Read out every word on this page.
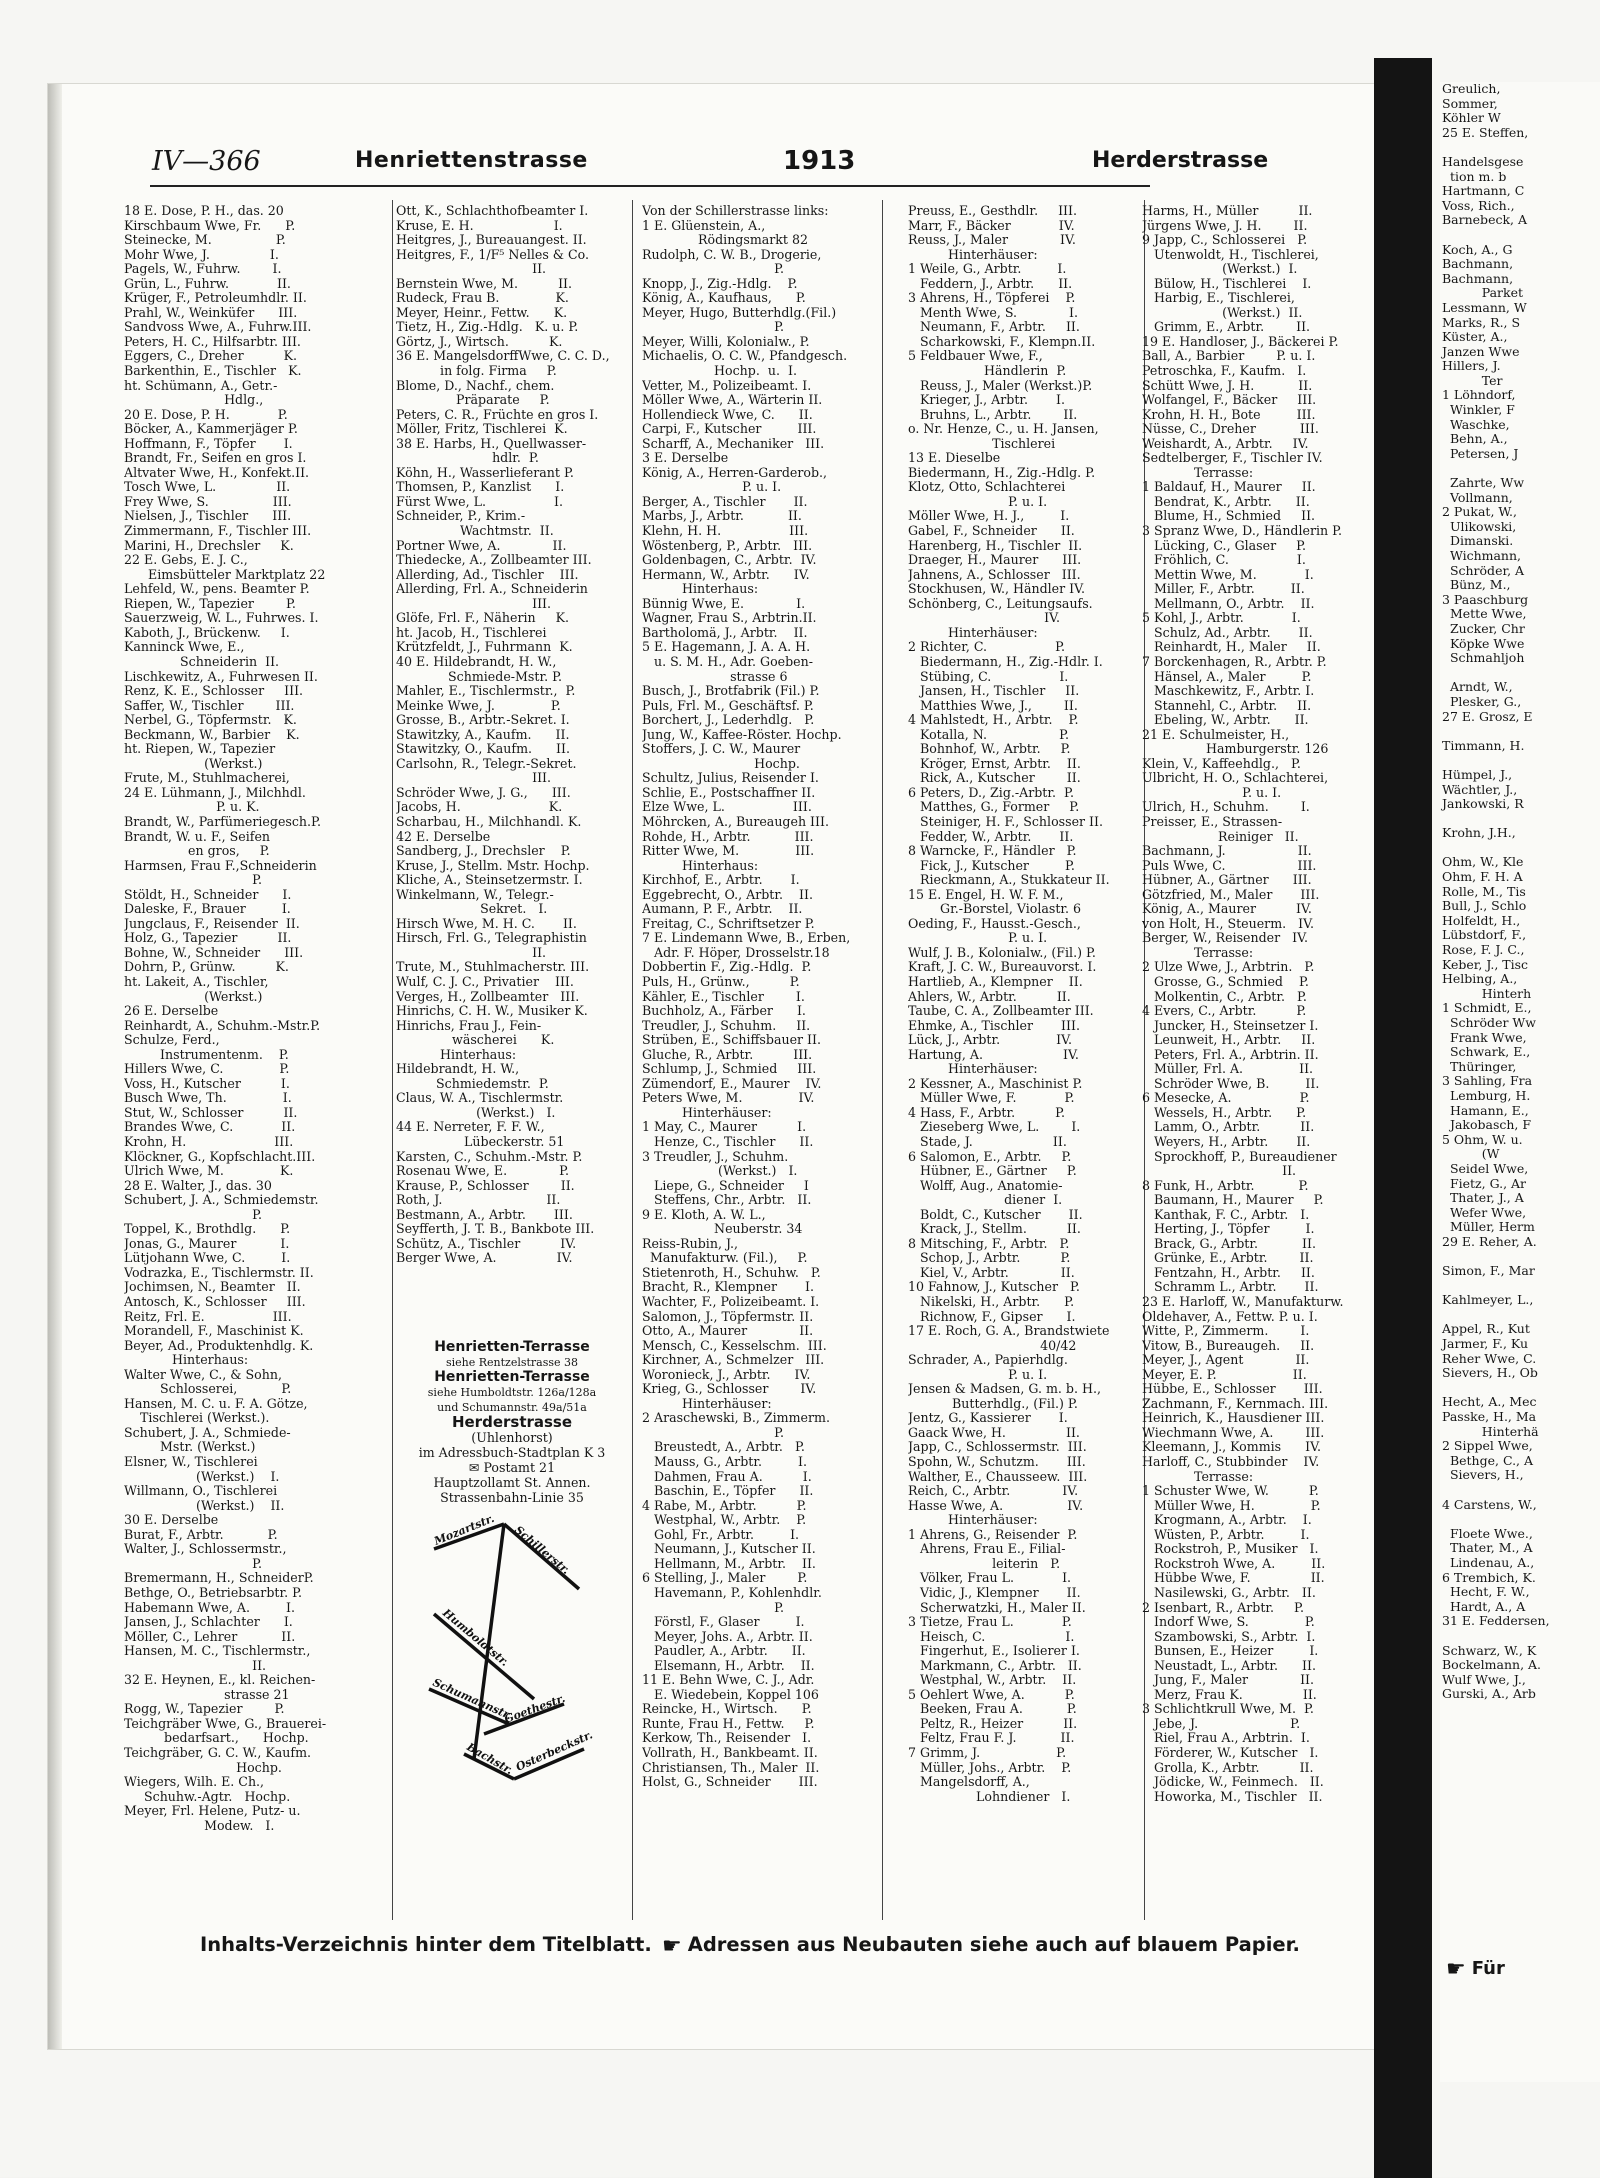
Greulich,
Sommer,
Köhler W
25 E. Steffen,

Handelsgese
tion m. b
Hartmann, C
Voss, Rich.,
Barnebeck, A

Koch, A., G
Bachmann,
Bachmann,
Parket
Lessmann, W
Marks, R., S
Küster, A.,
Janzen Wwe
Hillers, J.
Ter
1 Löhndorf,
Winkler, F
Waschke,
Behn, A.,
Petersen, J

Zahrte, Ww
Vollmann,
2 Pukat, W.,
Ulikowski,
Dimanski.
Wichmann,
Schröder, A
Bünz, M.,
3 Paaschburg
Mette Wwe,
Zucker, Chr
Köpke Wwe
Schmahljoh

Arndt, W.,
Plesker, G.,
27 E. Grosz, E

Timmann, H.

Hümpel, J.,
Wächtler, J.,
Jankowski, R

Krohn, J.H.,

Ohm, W., Kle
Ohm, F. H. A
Rolle, M., Tis
Bull, J., Schlo
Holfeldt, H.,
Lübstdorf, F.,
Rose, F. J. C.,
Keber, J., Tisc
Helbing, A.,
Hinterh
1 Schmidt, E.,
Schröder Ww
Frank Wwe,
Schwark, E.,
Thüringer,
3 Sahling, Fra
Lemburg, H.
Hamann, E.,
Jakobasch, F
5 Ohm, W. u.
(W
Seidel Wwe,
Fietz, G., Ar
Thater, J., A
Wefer Wwe,
Müller, Herm
29 E. Reher, A.

Simon, F., Mar

Kahlmeyer, L.,

Appel, R., Kut
Jarmer, F., Ku
Reher Wwe, C.
Sievers, H., Ob

Hecht, A., Mec
Passke, H., Ma
Hinterhä
2 Sippel Wwe,
Bethge, C., A
Sievers, H.,

4 Carstens, W.,

Floete Wwe.,
Thater, M., A
Lindenau, A.,
6 Trembich, K.
Hecht, F. W.,
Hardt, A., A
31 E. Feddersen,

Schwarz, W., K
Bockelmann, A.
Wulf Wwe, J.,
Gurski, A., Arb
☛ Für
IV—366	Henriettenstrasse	1913	Herderstrasse
18 E. Dose, P. H., das. 20
Kirschbaum Wwe, Fr.      P.
Steinecke, M.                P.
Mohr Wwe, J.               I.
Pagels, W., Fuhrw.        I.
Grün, L., Fuhrw.            II.
Krüger, F., Petroleumhdlr. II.
Prahl, W., Weinküfer      III.
Sandvoss Wwe, A., Fuhrw.III.
Peters, H. C., Hilfsarbtr. III.
Eggers, C., Dreher          K.
Barkenthin, E., Tischler   K.
ht. Schümann, A., Getr.-
Hdlg.,
20 E. Dose, P. H.            P.
Böcker, A., Kammerjäger P.
Hoffmann, F., Töpfer       I.
Brandt, Fr., Seifen en gros I.
Altvater Wwe, H., Konfekt.II.
Tosch Wwe, L.               II.
Frey Wwe, S.                III.
Nielsen, J., Tischler      III.
Zimmermann, F., Tischler III.
Marini, H., Drechsler     K.
22 E. Gebs, E. J. C.,
Eimsbütteler Marktplatz 22
Lehfeld, W., pens. Beamter P.
Riepen, W., Tapezier        P.
Sauerzweig, W. L., Fuhrwes. I.
Kaboth, J., Brückenw.     I.
Kanninck Wwe, E.,
Schneiderin  II.
Lischkewitz, A., Fuhrwesen II.
Renz, K. E., Schlosser     III.
Saffer, W., Tischler        III.
Nerbel, G., Töpfermstr.   K.
Beckmann, W., Barbier    K.
ht. Riepen, W., Tapezier
(Werkst.)
Frute, M., Stuhlmacherei,
24 E. Lühmann, J., Milchhdl.
P. u. K.
Brandt, W., Parfümeriegesch.P.
Brandt, W. u. F., Seifen
en gros,     P.
Harmsen, Frau F.,Schneiderin
P.
Stöldt, H., Schneider      I.
Daleske, F., Brauer         I.
Jungclaus, F., Reisender  II.
Holz, G., Tapezier          II.
Bohne, W., Schneider      III.
Dohrn, P., Grünw.          K.
ht. Lakeit, A., Tischler,
(Werkst.)
26 E. Derselbe
Reinhardt, A., Schuhm.-Mstr.P.
Schulze, Ferd.,
Instrumentenm.    P.
Hillers Wwe, C.              P.
Voss, H., Kutscher          I.
Busch Wwe, Th.              I.
Stut, W., Schlosser          II.
Brandes Wwe, C.            II.
Krohn, H.                      III.
Klöckner, G., Kopfschlacht.III.
Ulrich Wwe, M.              K.
28 E. Walter, J., das. 30
Schubert, J. A., Schmiedemstr.
P.
Toppel, K., Brothdlg.      P.
Jonas, G., Maurer           I.
Lütjohann Wwe, C.         I.
Vodrazka, E., Tischlermstr. II.
Jochimsen, N., Beamter   II.
Antosch, K., Schlosser     III.
Reitz, Frl. E.                 III.
Morandell, F., Maschinist K.
Beyer, Ad., Produktenhdlg. K.
Hinterhaus:
Walter Wwe, C., & Sohn,
Schlosserei,           P.
Hansen, M. C. u. F. A. Götze,
Tischlerei (Werkst.).
Schubert, J. A., Schmiede-
Mstr. (Werkst.)
Elsner, W., Tischlerei
(Werkst.)    I.
Willmann, O., Tischlerei
(Werkst.)    II.
30 E. Derselbe
Burat, F., Arbtr.           P.
Walter, J., Schlossermstr.,
P.
Bremermann, H., SchneiderP.
Bethge, O., Betriebsarbtr. P.
Habemann Wwe, A.         I.
Jansen, J., Schlachter      I.
Möller, C., Lehrer           II.
Hansen, M. C., Tischlermstr.,
II.
32 E. Heynen, E., kl. Reichen-
strasse 21
Rogg, W., Tapezier        P.
Teichgräber Wwe, G., Brauerei-
bedarfsart.,      Hochp.
Teichgräber, G. C. W., Kaufm.
Hochp.
Wiegers, Wilh. E. Ch.,
Schuhw.-Agtr.   Hochp.
Meyer, Frl. Helene, Putz- u.
Modew.   I.
Ott, K., Schlachthofbeamter I.
Kruse, E. H.                    I.
Heitgres, J., Bureauangest. II.
Heitgres, F., 1/F⁵ Nelles & Co.
II.
Bernstein Wwe, M.          II.
Rudeck, Frau B.              K.
Meyer, Heinr., Fettw.      K.
Tietz, H., Zig.-Hdlg.   K. u. P.
Görtz, J., Wirtsch.          K.
36 E. MangelsdorffWwe, C. C. D.,
in folg. Firma     P.
Blome, D., Nachf., chem.
Präparate     P.
Peters, C. R., Früchte en gros I.
Möller, Fritz, Tischlerei  K.
38 E. Harbs, H., Quellwasser-
hdlr.  P.
Köhn, H., Wasserlieferant P.
Thomsen, P., Kanzlist      I.
Fürst Wwe, L.                 I.
Schneider, P., Krim.-
Wachtmstr.  II.
Portner Wwe, A.             II.
Thiedecke, A., Zollbeamter III.
Allerding, Ad., Tischler    III.
Allerding, Frl. A., Schneiderin
III.
Glöfe, Frl. F., Näherin     K.
ht. Jacob, H., Tischlerei
Krützfeldt, J., Fuhrmann  K.
40 E. Hildebrandt, H. W.,
Schmiede-Mstr. P.
Mahler, E., Tischlermstr.,  P.
Meinke Wwe, J.              P.
Grosse, B., Arbtr.-Sekret. I.
Stawitzky, A., Kaufm.      II.
Stawitzky, O., Kaufm.      II.
Carlsohn, R., Telegr.-Sekret.
III.
Schröder Wwe, J. G.,      III.
Jacobs, H.                      K.
Scharbau, H., Milchhandl. K.
42 E. Derselbe
Sandberg, J., Drechsler    P.
Kruse, J., Stellm. Mstr. Hochp.
Kliche, A., Steinsetzermstr. I.
Winkelmann, W., Telegr.-
Sekret.   I.
Hirsch Wwe, M. H. C.       II.
Hirsch, Frl. G., Telegraphistin
II.
Trute, M., Stuhlmacherstr. III.
Wulf, C. J. C., Privatier    III.
Verges, H., Zollbeamter   III.
Hinrichs, C. H. W., Musiker K.
Hinrichs, Frau J., Fein-
wäscherei      K.
Hinterhaus:
Hildebrandt, H. W.,
Schmiedemstr.  P.
Claus, W. A., Tischlermstr.
(Werkst.)   I.
44 E. Nerreter, F. F. W.,
Lübeckerstr. 51
Karsten, C., Schuhm.-Mstr. P.
Rosenau Wwe, E.             P.
Krause, P., Schlosser        II.
Roth, J.                          II.
Bestmann, A., Arbtr.       III.
Seyfferth, J. T. B., Bankbote III.
Schütz, A., Tischler          IV.
Berger Wwe, A.               IV.
Von der Schillerstrasse links:
1 E. Glüenstein, A.,
Rödingsmarkt 82
Rudolph, C. W. B., Drogerie,
P.
Knopp, J., Zig.-Hdlg.    P.
König, A., Kaufhaus,      P.
Meyer, Hugo, Butterhdlg.(Fil.)
P.
Meyer, Willi, Kolonialw., P.
Michaelis, O. C. W., Pfandgesch.
Hochp.  u.  I.
Vetter, M., Polizeibeamt. I.
Möller Wwe, A., Wärterin II.
Hollendieck Wwe, C.      II.
Carpi, F., Kutscher         III.
Scharff, A., Mechaniker   III.
3 E. Derselbe
König, A., Herren-Garderob.,
P. u. I.
Berger, A., Tischler       II.
Marbs, J., Arbtr.           II.
Klehn, H. H.                 III.
Wöstenberg, P., Arbtr.   III.
Goldenbagen, C., Arbtr.  IV.
Hermann, W., Arbtr.      IV.
Hinterhaus:
Bünnig Wwe, E.             I.
Wagner, Frau S., Arbtrin.II.
Bartholomä, J., Arbtr.    II.
5 E. Hagemann, J. A. A. H.
u. S. M. H., Adr. Goeben-
strasse 6
Busch, J., Brotfabrik (Fil.) P.
Puls, Frl. M., Geschäftsf. P.
Borchert, J., Lederhdlg.   P.
Jung, W., Kaffee-Röster. Hochp.
Stoffers, J. C. W., Maurer
Hochp.
Schultz, Julius, Reisender I.
Schlie, E., Postschaffner II.
Elze Wwe, L.                 III.
Möhrcken, A., Bureaugeh III.
Rohde, H., Arbtr.           III.
Ritter Wwe, M.              III.
Hinterhaus:
Kirchhof, E., Arbtr.       I.
Eggebrecht, O., Arbtr.    II.
Aumann, P. F., Arbtr.    II.
Freitag, C., Schriftsetzer P.
7 E. Lindemann Wwe, B., Erben,
Adr. F. Höper, Drosselstr.18
Dobbertin F., Zig.-Hdlg.  P.
Puls, H., Grünw.,          P.
Kähler, E., Tischler        I.
Buchholz, A., Färber      I.
Treudler, J., Schuhm.     II.
Strüben, E., Schiffsbauer II.
Gluche, R., Arbtr.          III.
Schlump, J., Schmied     III.
Zümendorf, E., Maurer    IV.
Peters Wwe, M.              IV.
Hinterhäuser:
1 May, C., Maurer          I.
Henze, C., Tischler      II.
3 Treudler, J., Schuhm.
(Werkst.)   I.
Liepe, G., Schneider     I
Steffens, Chr., Arbtr.   II.
9 E. Kloth, A. W. L.,
Neuberstr. 34
Reiss-Rubin, J.,
Manufakturw. (Fil.),     P.
Stietenroth, H., Schuhw.   P.
Bracht, R., Klempner       I.
Wachter, F., Polizeibeamt. I.
Salomon, J., Töpfermstr. II.
Otto, A., Maurer             II.
Mensch, C., Kesselschm.  III.
Kirchner, A., Schmelzer   III.
Woronieck, J., Arbtr.      IV.
Krieg, G., Schlosser        IV.
Hinterhäuser:
2 Araschewski, B., Zimmerm.
P.
Breustedt, A., Arbtr.   P.
Mauss, G., Arbtr.         I.
Dahmen, Frau A.          I.
Baschin, E., Töpfer      II.
4 Rabe, M., Arbtr.          P.
Westphal, W., Arbtr.    P.
Gohl, Fr., Arbtr.         I.
Neumann, J., Kutscher II.
Hellmann, M., Arbtr.    II.
6 Stelling, J., Maler        P.
Havemann, P., Kohlenhdlr.
P.
Förstl, F., Glaser         I.
Meyer, Johs. A., Arbtr. II.
Paudler, A., Arbtr.      II.
Elsemann, H., Arbtr.    II.
11 E. Behn Wwe, C. J., Adr.
E. Wiedebein, Koppel 106
Reincke, H., Wirtsch.      P.
Runte, Frau H., Fettw.     P.
Kerkow, Th., Reisender   I.
Vollrath, H., Bankbeamt. II.
Christiansen, Th., Maler  II.
Holst, G., Schneider       III.
Preuss, E., Gesthdlr.     III.
Marr, F., Bäcker            IV.
Reuss, J., Maler             IV.
Hinterhäuser:
1 Weile, G., Arbtr.         I.
Feddern, J., Arbtr.      II.
3 Ahrens, H., Töpferei    P.
Menth Wwe, S.             I.
Neumann, F., Arbtr.     II.
Scharkowski, F., Klempn.II.
5 Feldbauer Wwe, F.,
Händlerin  P.
Reuss, J., Maler (Werkst.)P.
Krieger, J., Arbtr.       I.
Bruhns, L., Arbtr.        II.
o. Nr. Henze, C., u. H. Jansen,
Tischlerei
13 E. Dieselbe
Biedermann, H., Zig.-Hdlg. P.
Klotz, Otto, Schlachterei
P. u. I.
Möller Wwe, H. J.,         I.
Gabel, F., Schneider      II.
Harenberg, H., Tischler  II.
Draeger, H., Maurer      III.
Jahnens, A., Schlosser   III.
Stockhusen, W., Händler IV.
Schönberg, C., Leitungsaufs.
IV.
Hinterhäuser:
2 Richter, C.                 P.
Biedermann, H., Zig.-Hdlr. I.
Stübing, C.                 I.
Jansen, H., Tischler     II.
Matthies Wwe, J.,        II.
4 Mahlstedt, H., Arbtr.    P.
Kotalla, N.                  P.
Bohnhof, W., Arbtr.     P.
Kröger, Ernst, Arbtr.    II.
Rick, A., Kutscher        II.
6 Peters, D., Zig.-Arbtr.  P.
Matthes, G., Former     P.
Steiniger, H. F., Schlosser II.
Fedder, W., Arbtr.       II.
8 Warncke, F., Händler   P.
Fick, J., Kutscher         P.
Rieckmann, A., Stukkateur II.
15 E. Engel, H. W. F. M.,
Gr.-Borstel, Violastr. 6
Oeding, F., Hausst.-Gesch.,
P. u. I.
Wulf, J. B., Kolonialw., (Fil.) P.
Kraft, J. C. W., Bureauvorst. I.
Hartlieb, A., Klempner    II.
Ahlers, W., Arbtr.          II.
Taube, C. A., Zollbeamter III.
Ehmke, A., Tischler       III.
Lück, J., Arbtr.              IV.
Hartung, A.                    IV.
Hinterhäuser:
2 Kessner, A., Maschinist P.
Müller Wwe, F.            P.
4 Hass, F., Arbtr.          P.
Zieseberg Wwe, L.        I.
Stade, J.                    II.
6 Salomon, E., Arbtr.     P.
Hübner, E., Gärtner     P.
Wolff, Aug., Anatomie-
diener  I.
Boldt, C., Kutscher       II.
Krack, J., Stellm.          II.
8 Mitsching, F., Arbtr.   P.
Schop, J., Arbtr.          P.
Kiel, V., Arbtr.             II.
10 Fahnow, J., Kutscher   P.
Nikelski, H., Arbtr.      P.
Richnow, F., Gipser      I.
17 E. Roch, G. A., Brandstwiete
40/42
Schrader, A., Papierhdlg.
P. u. I.
Jensen & Madsen, G. m. b. H.,
Butterhdlg., (Fil.) P.
Jentz, G., Kassierer       I.
Gaack Wwe, H.               II.
Japp, C., Schlossermstr.  III.
Spohn, W., Schutzm.       III.
Walther, E., Chausseew.  III.
Reich, C., Arbtr.             IV.
Hasse Wwe, A.                IV.
Hinterhäuser:
1 Ahrens, G., Reisender  P.
Ahrens, Frau E., Filial-
leiterin   P.
Völker, Frau L.            I.
Vidic, J., Klempner       II.
Scherwatzki, H., Maler II.
3 Tietze, Frau L.            P.
Heisch, C.                    I.
Fingerhut, E., Isolierer I.
Markmann, C., Arbtr.   II.
Westphal, W., Arbtr.    II.
5 Oehlert Wwe, A.          P.
Beeken, Frau A.           P.
Peltz, R., Heizer          II.
Feltz, Frau F. J.           II.
7 Grimm, J.                   P.
Müller, Johs., Arbtr.    P.
Mangelsdorff, A.,
Lohndiener   I.
Harms, H., Müller          II.
Jürgens Wwe, J. H.        II.
9 Japp, C., Schlosserei   P.
Utenwoldt, H., Tischlerei,
(Werkst.)  I.
Bülow, H., Tischlerei    I.
Harbig, E., Tischlerei,
(Werkst.)  II.
Grimm, E., Arbtr.        II.
19 E. Handloser, J., Bäckerei P.
Ball, A., Barbier        P. u. I.
Petroschka, F., Kaufm.   I.
Schütt Wwe, J. H.           II.
Wolfangel, F., Bäcker     III.
Krohn, H. H., Bote         III.
Nüsse, C., Dreher           III.
Weishardt, A., Arbtr.     IV.
Sedtelberger, F., Tischler IV.
Terrasse:
1 Baldauf, H., Maurer     II.
Bendrat, K., Arbtr.      II.
Blume, H., Schmied     II.
3 Spranz Wwe, D., Händlerin P.
Lücking, C., Glaser     P.
Fröhlich, C.                 I.
Mettin Wwe, M.            I.
Miller, F., Arbtr.         II.
Mellmann, O., Arbtr.    II.
5 Kohl, J., Arbtr.            I.
Schulz, Ad., Arbtr.       II.
Reinhardt, H., Maler     II.
7 Borckenhagen, R., Arbtr. P.
Hänsel, A., Maler         P.
Maschkewitz, F., Arbtr. I.
Stannehl, C., Arbtr.     II.
Ebeling, W., Arbtr.      II.
21 E. Schulmeister, H.,
Hamburgerstr. 126
Klein, V., Kaffeehdlg.,   P.
Ulbricht, H. O., Schlachterei,
P. u. I.
Ulrich, H., Schuhm.        I.
Preisser, E., Strassen-
Reiniger   II.
Bachmann, J.                  II.
Puls Wwe, C.                  III.
Hübner, A., Gärtner      III.
Götzfried, M., Maler       III.
König, A., Maurer          IV.
von Holt, H., Steuerm.   IV.
Berger, W., Reisender   IV.
Terrasse:
2 Ulze Wwe, J., Arbtrin.   P.
Grosse, G., Schmied    P.
Molkentin, C., Arbtr.   P.
4 Evers, C., Arbtr.          P.
Juncker, H., Steinsetzer I.
Leunweit, H., Arbtr.     II.
Peters, Frl. A., Arbtrin. II.
Müller, Frl. A.              II.
Schröder Wwe, B.         II.
6 Mesecke, A.                 P.
Wessels, H., Arbtr.      P.
Lamm, O., Arbtr.          II.
Weyers, H., Arbtr.       II.
Sprockhoff, P., Bureaudiener
II.
8 Funk, H., Arbtr.           P.
Baumann, H., Maurer     P.
Kanthak, F. C., Arbtr.   I.
Herting, J., Töpfer         I.
Brack, G., Arbtr.           II.
Grünke, E., Arbtr.        II.
Fentzahn, H., Arbtr.     II.
Schramm L., Arbtr.       II.
23 E. Harloff, W., Manufakturw.
Oldehaver, A., Fettw. P. u. I.
Witte, P., Zimmerm.        I.
Vitow, B., Bureaugeh.     II.
Meyer, J., Agent             II.
Meyer, E. P.                   II.
Hübbe, E., Schlosser       III.
Zachmann, F., Kernmach. III.
Heinrich, K., Hausdiener III.
Wiechmann Wwe, A.        III.
Kleemann, J., Kommis      IV.
Harloff, C., Stubbinder    IV.
Terrasse:
1 Schuster Wwe, W.          P.
Müller Wwe, H.              P.
Krogmann, A., Arbtr.    I.
Wüsten, P., Arbtr.         I.
Rockstroh, P., Musiker   I.
Rockstroh Wwe, A.         II.
Hübbe Wwe, F.               II.
Nasilewski, G., Arbtr.   II.
2 Isenbart, R., Arbtr.     P.
Indorf Wwe, S.              P.
Szambowski, S., Arbtr.  I.
Bunsen, E., Heizer         I.
Neustadt, L., Arbtr.      II.
Jung, F., Maler             II.
Merz, Frau K.               II.
3 Schlichtkrull Wwe, M.  P.
Jebe, J.                       P.
Riel, Frau A., Arbtrin.  I.
Förderer, W., Kutscher   I.
Grolla, K., Arbtr.          II.
Jödicke, W., Feinmech.   II.
Howorka, M., Tischler   II.
Henrietten-Terrasse
siehe Rentzelstrasse 38
Henrietten-Terrasse
siehe Humboldtstr. 126a/128a
und Schumannstr. 49a/51a
Herderstrasse
(Uhlenhorst)
im Adressbuch-Stadtplan K 3
✉ Postamt 21
Hauptzollamt St. Annen.
Strassenbahn-Linie 35
Mozartstr. Schillerstr.
Humboldtstr.
Schumannstr.
Goethestr.
Bachstr.
Osterbeckstr.
Inhalts-Verzeichnis hinter dem Titelblatt. ☛ Adressen aus Neubauten siehe auch auf blauem Papier.
